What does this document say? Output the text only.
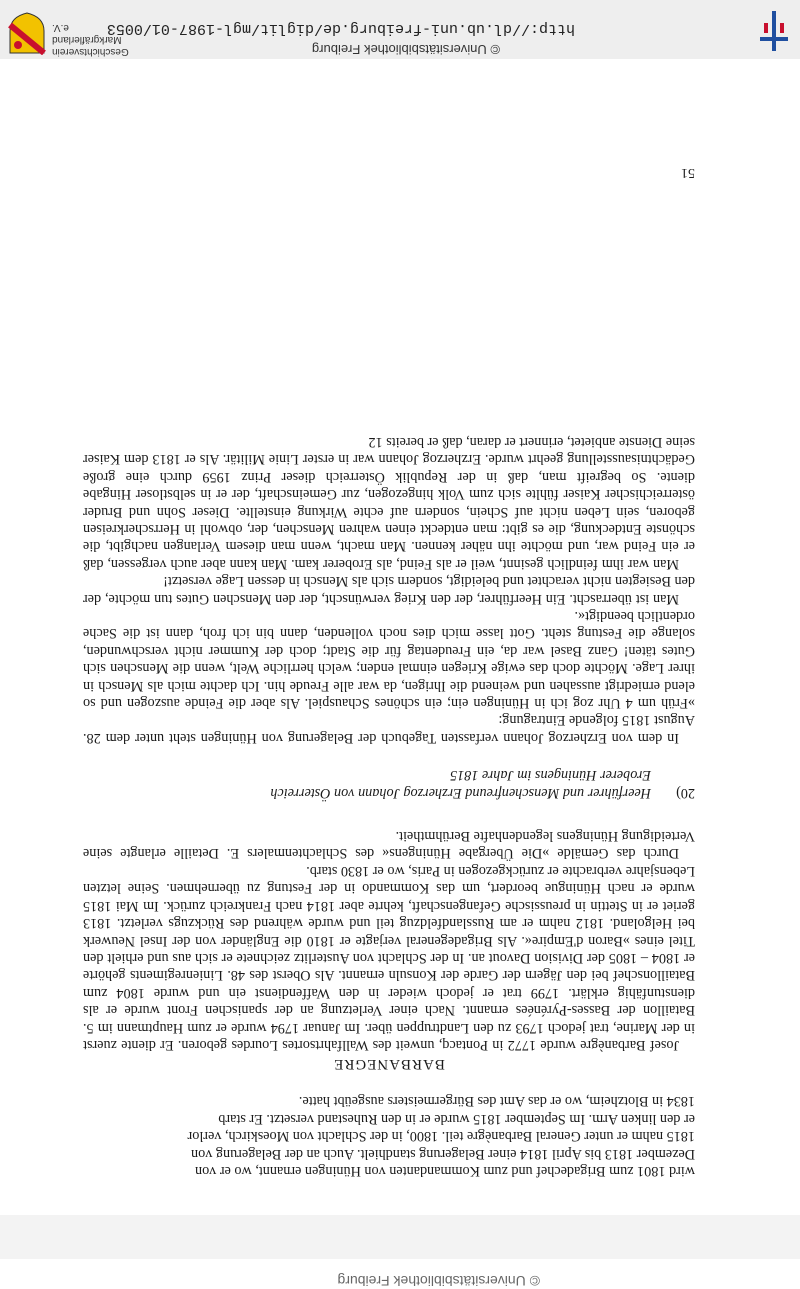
© Universitätsbibliothek Freiburg

wird 1801 zum Brigadechef und zum Kommandanten von Hüningen ernannt, wo er von

Dezember 1813 bis April 1814 einer Belagerung standhielt. Auch an der Belagerung von

1815 nahm er unter General Barbanègre teil. 1800, in der Schlacht von Moeskirch, verlor

er den linken Arm. Im September 1815 wurde er in den Ruhestand versetzt. Er starb

1834 in Blotzheim, wo er das Amt des Bürgermeisters ausgeübt hatte.

BARBANEGRE

Josef Barbanègre wurde 1772 in Pontacq, unweit des Wallfahrtsortes Lourdes geboren. Er diente zuerst in der Marine, trat jedoch 1793 zu den Landtruppen über. Im Januar 1794 wurde er zum Hauptmann im 5. Bataillon der Basses-Pyrénées ernannt. Nach einer Verletzung an der spanischen Front wurde er als dienstunfähig erklärt. 1799 trat er jedoch wieder in den Waffendienst ein und wurde 1804 zum Bataillonschef bei den Jägern der Garde der Konsuln ernannt. Als Oberst des 48. Linienregiments gehörte er 1804 – 1805 der Division Davout an. In der Schlacht von Austerlitz zeichnete er sich aus und erhielt den Titel eines »Baron d'Empire«. Als Brigadegeneral verjagte er 1810 die Engländer von der Insel Neuwerk bei Helgoland. 1812 nahm er am Russlandfeldzug teil und wurde während des Rückzugs verletzt. 1813 geriet er in Stettin in preussische Gefangenschaft, kehrte aber 1814 nach Frankreich zurück. Im Mai 1815 wurde er nach Hüningue beordert, um das Kommando in der Festung zu übernehmen. Seine letzten Lebensjahre verbrachte er zurückgezogen in Paris, wo er 1830 starb.

Durch das Gemälde »Die Übergabe Hüningens« des Schlachtenmalers E. Detaille erlangte seine Verteidigung Hüningens legendenhafte Berühmtheit.

20)Heerführer und Menschenfreund Erzherzog Johann von Österreich

Eroberer Hüningens im Jahre 1815

In dem von Erzherzog Johann verfassten Tagebuch der Belagerung von Hüningen steht unter dem 28. August 1815 folgende Eintragung:

»Früh um 4 Uhr zog ich in Hüningen ein; ein schönes Schauspiel. Als aber die Feinde auszogen und so elend erniedrigt aussahen und weinend die Ihrigen, da war alle Freude hin. Ich dachte mich als Mensch in ihrer Lage. Möchte doch das ewige Kriegen einmal enden; welch herrliche Welt, wenn die Menschen sich Gutes täten! Ganz Basel war da, ein Freudentag für die Stadt; doch der Kummer nicht verschwunden, solange die Festung steht. Gott lasse mich dies noch vollenden, dann bin ich froh, dann ist die Sache ordentlich beendigt«.

Man ist überrascht. Ein Heerführer, der den Krieg verwünscht, der den Menschen Gutes tun möchte, der den Besiegten nicht verachtet und beleidigt, sondern sich als Mensch in dessen Lage versetzt!

Man war ihm feindlich gesinnt, weil er als Feind, als Eroberer kam. Man kann aber auch vergessen, daß er ein Feind war, und möchte ihn näher kennen. Man macht, wenn man diesem Verlangen nachgibt, die schönste Entdeckung, die es gibt: man entdeckt einen wahren Menschen, der, obwohl in Herrscherkreisen geboren, sein Leben nicht auf Schein, sondern auf echte Wirkung einstellte. Dieser Sohn und Bruder österreichischer Kaiser fühlte sich zum Volk hingezogen, zur Gemeinschaft, der er in selbstloser Hingabe diente. So begreift man, daß in der Republik Österreich dieser Prinz 1959 durch eine große Gedächtnisausstellung geehrt wurde. Erzherzog Johann war in erster Linie Militär. Als er 1813 dem Kaiser seine Dienste anbietet, erinnert er daran, daß er bereits 12

51
http://dl.ub.uni-freiburg.de/diglit/mgl-1987-01/0053
© Universitätsbibliothek Freiburg
Geschichtsverein
Markgräflerland e.V.
